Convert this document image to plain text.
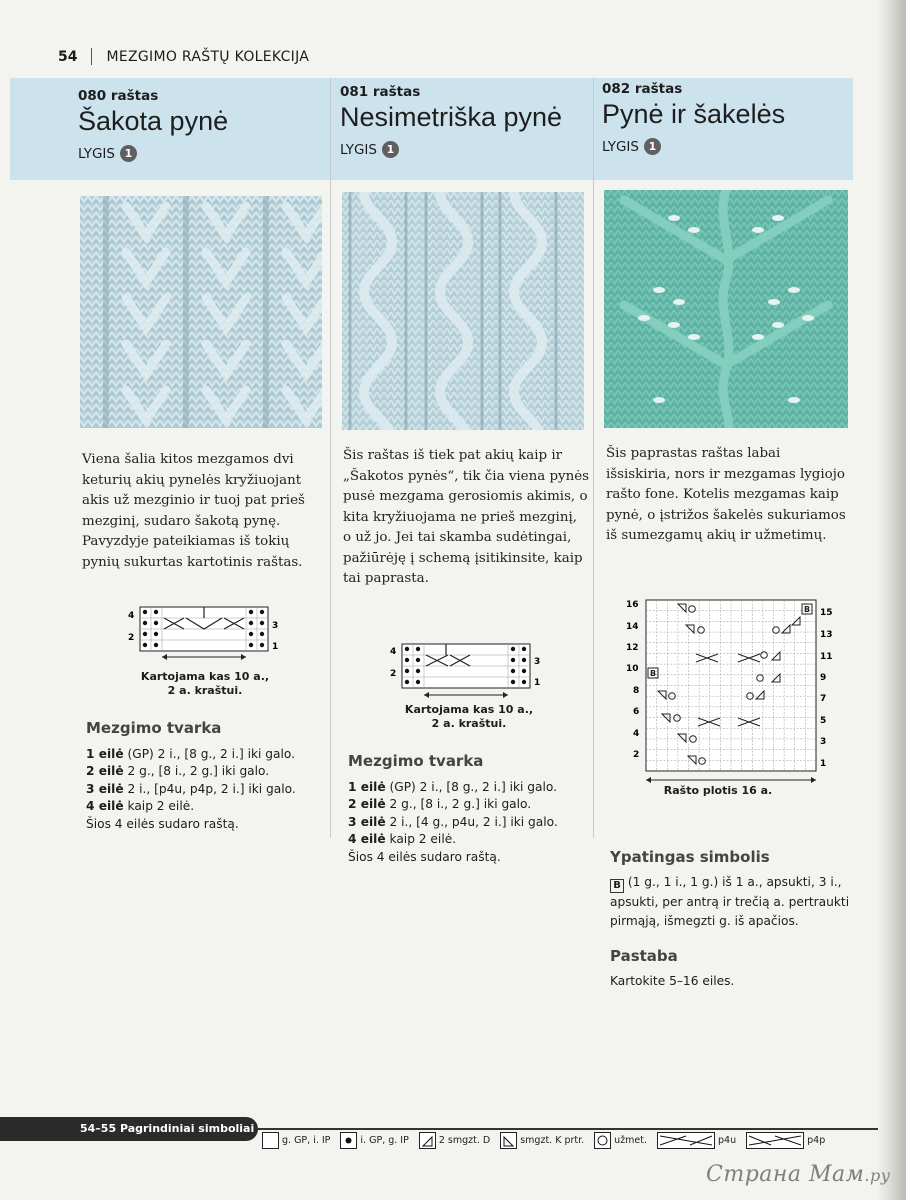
54 MEZGIMO RAŠTŲ KOLEKCIJA
080 raštas
Šakota pynė
LYGIS 1
Viena šalia kitos mezgamos dvi keturių akių pynelės kryžiuojant akis už mezginio ir tuoj pat prieš mezginį, sudaro šakotą pynę. Pavyzdyje pateikiamas iš tokių pynių sukurtas kartotinis raštas.
4
2
3
1
Kartojama kas 10 a., 2 a. kraštui.
Mezgimo tvarka
1 eilė (GP) 2 i., [8 g., 2 i.] iki galo.
2 eilė 2 g., [8 i., 2 g.] iki galo.
3 eilė 2 i., [p4u, p4p, 2 i.] iki galo.
4 eilė kaip 2 eilė.
Šios 4 eilės sudaro raštą.
081 raštas
Nesimetriška pynė
LYGIS 1
Šis raštas iš tiek pat akių kaip ir „Šakotos pynės“, tik čia viena pynės pusė mezgama gerosiomis akimis, o kita kryžiuojama ne prieš mezginį, o už jo. Jei tai skamba sudėtingai, pažiūrėję į schemą įsitikinsite, kaip tai paprasta.
4
2
3
1
Kartojama kas 10 a., 2 a. kraštui.
Mezgimo tvarka
1 eilė (GP) 2 i., [8 g., 2 i.] iki galo.
2 eilė 2 g., [8 i., 2 g.] iki galo.
3 eilė 2 i., [4 g., p4u, 2 i.] iki galo.
4 eilė kaip 2 eilė.
Šios 4 eilės sudaro raštą.
082 raštas
Pynė ir šakelės
LYGIS 1
Šis paprastas raštas labai išsiskiria, nors ir mezgamas lygiojo rašto fone. Kotelis mezgamas kaip pynė, o įstrižos šakelės sukuriamos iš sumezgamų akių ir užmetimų.
16
14
12
10
8
6
4
2
15
13
11
9
7
5
3
1
B
B
Rašto plotis 16 a.
Ypatingas simbolis
B (1 g., 1 i., 1 g.) iš 1 a., apsukti, 3 i., apsukti, per antrą ir trečią a. pertraukti pirmąją, išmegzti g. iš apačios.
Pastaba
Kartokite 5–16 eiles.
54–55 Pagrindiniai simboliai
g. GP, i. IP	i. GP, g. IP	2 smgzt. D	smgzt. K prtr.	užmet.	p4u	p4p
Страна Мам.ру
